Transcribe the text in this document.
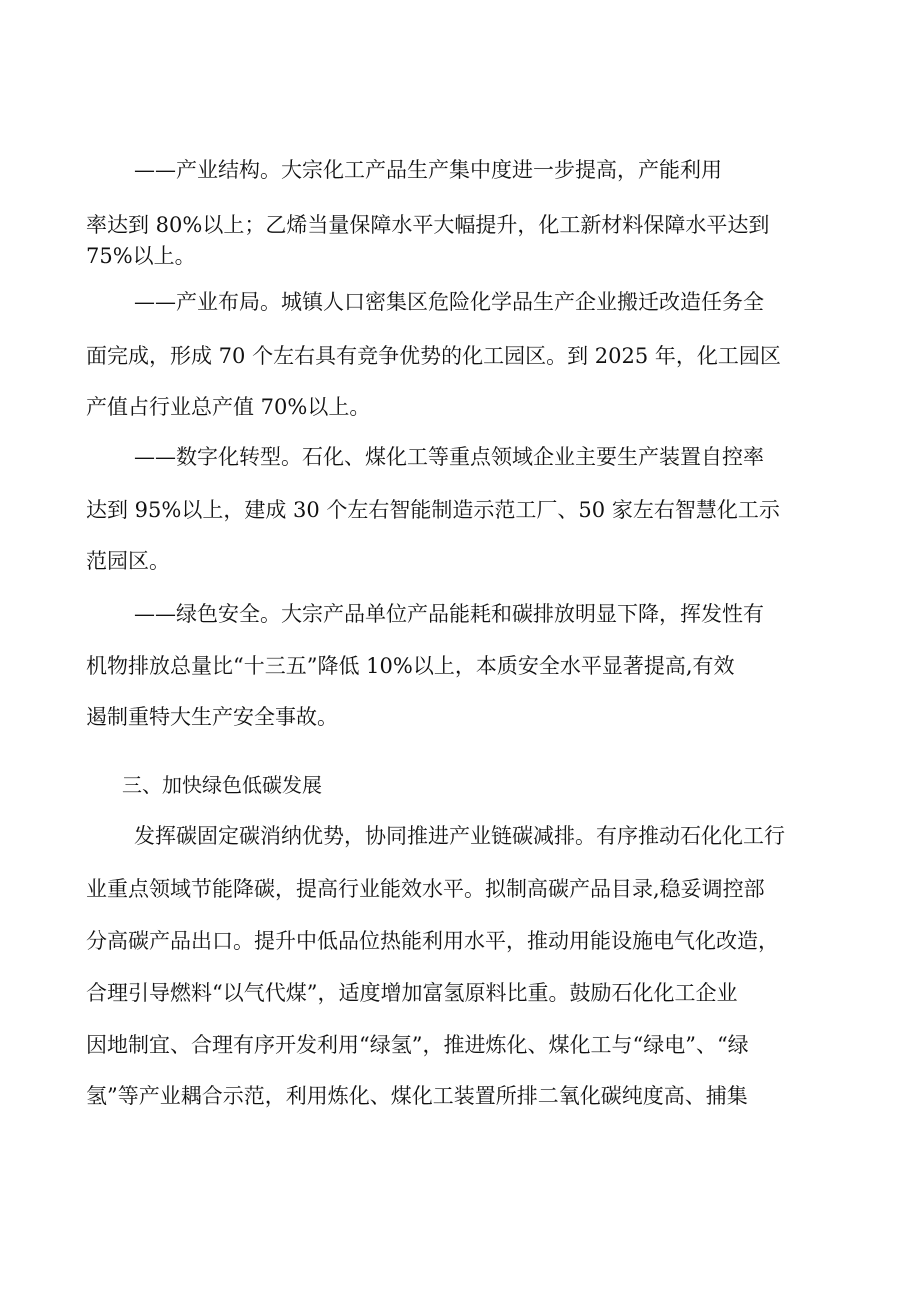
——产业结构。大宗化工产品生产集中度进一步提高，产能利用
率达到 80%以上；乙烯当量保障水平大幅提升，化工新材料保障水平达到
75%以上。
——产业布局。城镇人口密集区危险化学品生产企业搬迁改造任务全
面完成，形成 70 个左右具有竞争优势的化工园区。到 2025 年，化工园区
产值占行业总产值 70%以上。
——数字化转型。石化、煤化工等重点领域企业主要生产装置自控率
达到 95%以上，建成 30 个左右智能制造示范工厂、50 家左右智慧化工示
范园区。
——绿色安全。大宗产品单位产品能耗和碳排放明显下降，挥发性有
机物排放总量比“十三五”降低 10%以上，本质安全水平显著提高,有效
遏制重特大生产安全事故。
三、加快绿色低碳发展
发挥碳固定碳消纳优势，协同推进产业链碳减排。有序推动石化化工行
业重点领域节能降碳，提高行业能效水平。拟制高碳产品目录,稳妥调控部
分高碳产品出口。提升中低品位热能利用水平，推动用能设施电气化改造，
合理引导燃料“以气代煤”，适度增加富氢原料比重。鼓励石化化工企业
因地制宜、合理有序开发利用“绿氢”，推进炼化、煤化工与“绿电”、“绿
氢”等产业耦合示范，利用炼化、煤化工装置所排二氧化碳纯度高、捕集
